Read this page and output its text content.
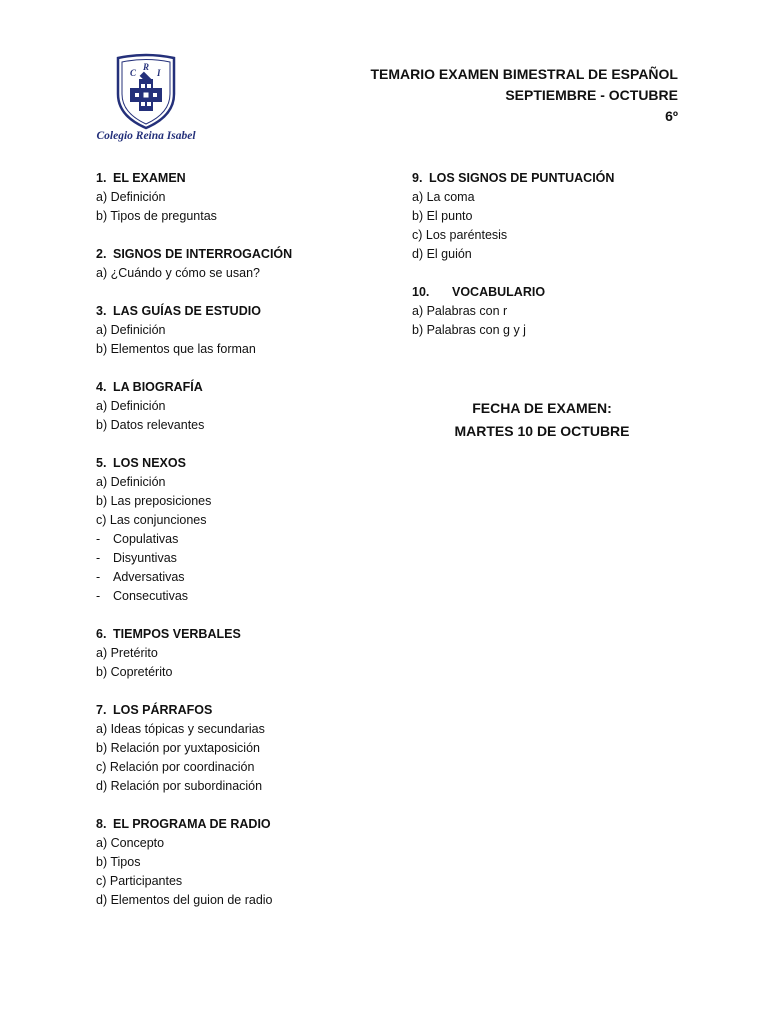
C
R
I
Colegio Reina Isabel
TEMARIO EXAMEN BIMESTRAL DE ESPAÑOL
SEPTIEMBRE - OCTUBRE
6º
1. EL EXAMEN
a) Definición
b) Tipos de preguntas
2. SIGNOS DE INTERROGACIÓN
a) ¿Cuándo y cómo se usan?
3. LAS GUÍAS DE ESTUDIO
a) Definición
b) Elementos que las forman
4. LA BIOGRAFÍA
a) Definición
b) Datos relevantes
5. LOS NEXOS
a) Definición
b) Las preposiciones
c) Las conjunciones
- Copulativas
- Disyuntivas
- Adversativas
- Consecutivas
6. TIEMPOS VERBALES
a) Pretérito
b) Copretérito
7. LOS PÁRRAFOS
a) Ideas tópicas y secundarias
b) Relación por yuxtaposición
c) Relación por coordinación
d) Relación por subordinación
8. EL PROGRAMA DE RADIO
a) Concepto
b) Tipos
c) Participantes
d) Elementos del guion de radio
9. LOS SIGNOS DE PUNTUACIÓN
a) La coma
b) El punto
c) Los paréntesis
d) El guión
10. VOCABULARIO
a) Palabras con r
b) Palabras con g y j
FECHA DE EXAMEN:
MARTES 10 DE OCTUBRE
